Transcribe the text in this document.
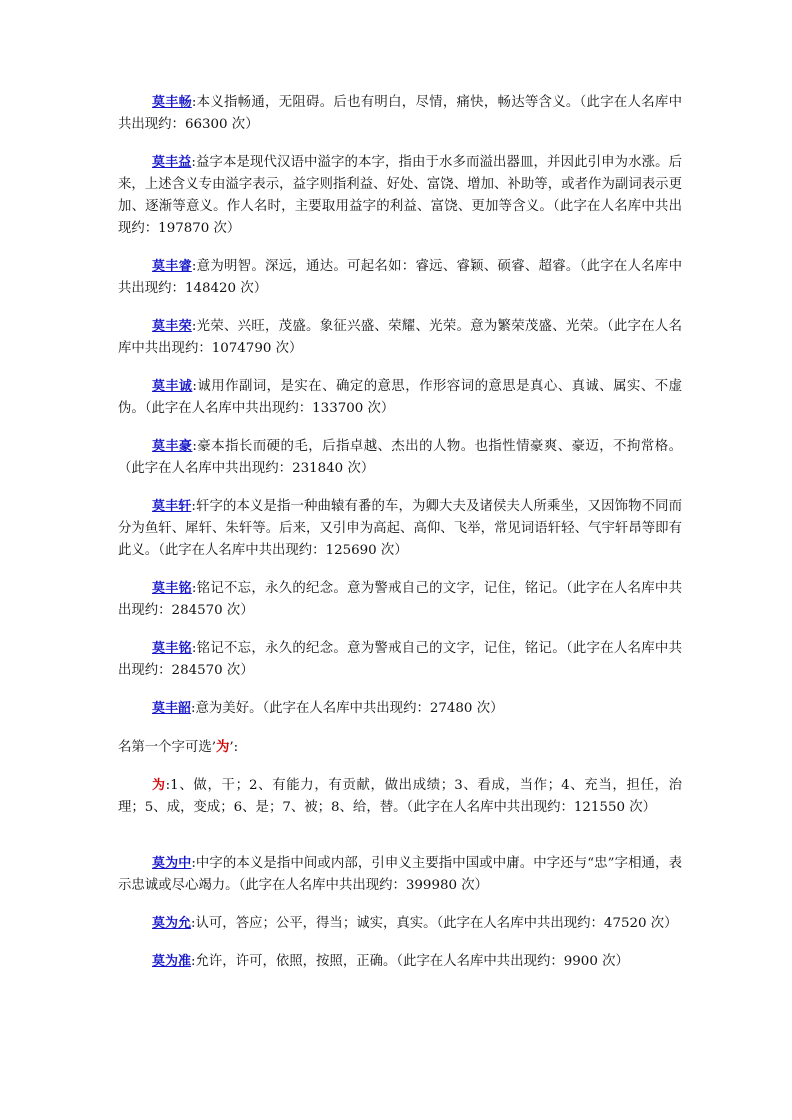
莫丰畅:本义指畅通，无阻碍。后也有明白，尽情，痛快，畅达等含义。（此字在人名库中共出现约：66300 次）

莫丰益:益字本是现代汉语中溢字的本字，指由于水多而溢出器皿，并因此引申为水涨。后来，上述含义专由溢字表示，益字则指利益、好处、富饶、增加、补助等，或者作为副词表示更加、逐渐等意义。作人名时，主要取用益字的利益、富饶、更加等含义。（此字在人名库中共出现约：197870 次）

莫丰睿:意为明智。深远，通达。可起名如：睿远、睿颖、硕睿、超睿。（此字在人名库中共出现约：148420 次）

莫丰荣:光荣、兴旺，茂盛。象征兴盛、荣耀、光荣。意为繁荣茂盛、光荣。（此字在人名库中共出现约：1074790 次）

莫丰诚:诚用作副词，是实在、确定的意思，作形容词的意思是真心、真诚、属实、不虚伪。（此字在人名库中共出现约：133700 次）

莫丰豪:豪本指长而硬的毛，后指卓越、杰出的人物。也指性情豪爽、豪迈，不拘常格。（此字在人名库中共出现约：231840 次）

莫丰轩:轩字的本义是指一种曲辕有番的车，为卿大夫及诸侯夫人所乘坐，又因饰物不同而分为鱼轩、犀轩、朱轩等。后来，又引申为高起、高仰、飞举，常见词语轩轻、气宇轩昂等即有此义。（此字在人名库中共出现约：125690 次）

莫丰铭:铭记不忘，永久的纪念。意为警戒自己的文字，记住，铭记。（此字在人名库中共出现约：284570 次）

莫丰铭:铭记不忘，永久的纪念。意为警戒自己的文字，记住，铭记。（此字在人名库中共出现约：284570 次）

莫丰韶:意为美好。（此字在人名库中共出现约：27480 次）

名第一个字可选’为’:

为:1、做，干；2、有能力，有贡献，做出成绩；3、看成，当作；4、充当，担任，治理；5、成，变成；6、是；7、被；8、给，替。（此字在人名库中共出现约：121550 次）

莫为中:中字的本义是指中间或内部，引申义主要指中国或中庸。中字还与“忠”字相通，表示忠诚或尽心竭力。（此字在人名库中共出现约：399980 次）

莫为允:认可，答应；公平，得当；诚实，真实。（此字在人名库中共出现约：47520 次）

莫为准:允许，许可，依照，按照，正确。（此字在人名库中共出现约：9900 次）
